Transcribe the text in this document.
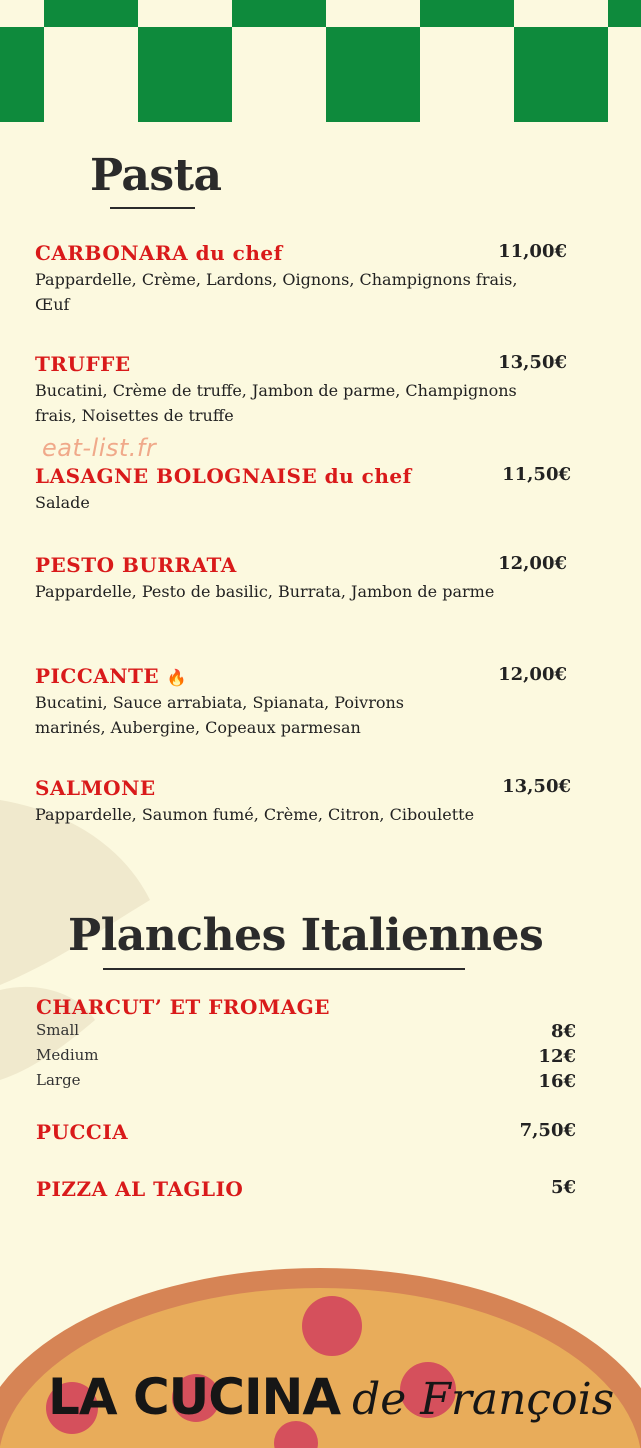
Pasta
CARBONARA du chef	11,00€
Pappardelle, Crème, Lardons, Oignons, Champignons frais, Œuf
TRUFFE	13,50€
Bucatini, Crème de truffe, Jambon de parme, Champignons frais, Noisettes de truffe
eat-list.fr
LASAGNE BOLOGNAISE du chef	11,50€
Salade
PESTO BURRATA	12,00€
Pappardelle, Pesto de basilic, Burrata, Jambon de parme
PICCANTE 🔥	12,00€
Bucatini, Sauce arrabiata, Spianata, Poivrons marinés, Aubergine, Copeaux parmesan
SALMONE	13,50€
Pappardelle, Saumon fumé, Crème, Citron, Ciboulette
Planches Italiennes
CHARCUT’ ET FROMAGE
Small	8€
Medium	12€
Large	16€
PUCCIA	7,50€
PIZZA AL TAGLIO	5€
LA CUCINA de François
